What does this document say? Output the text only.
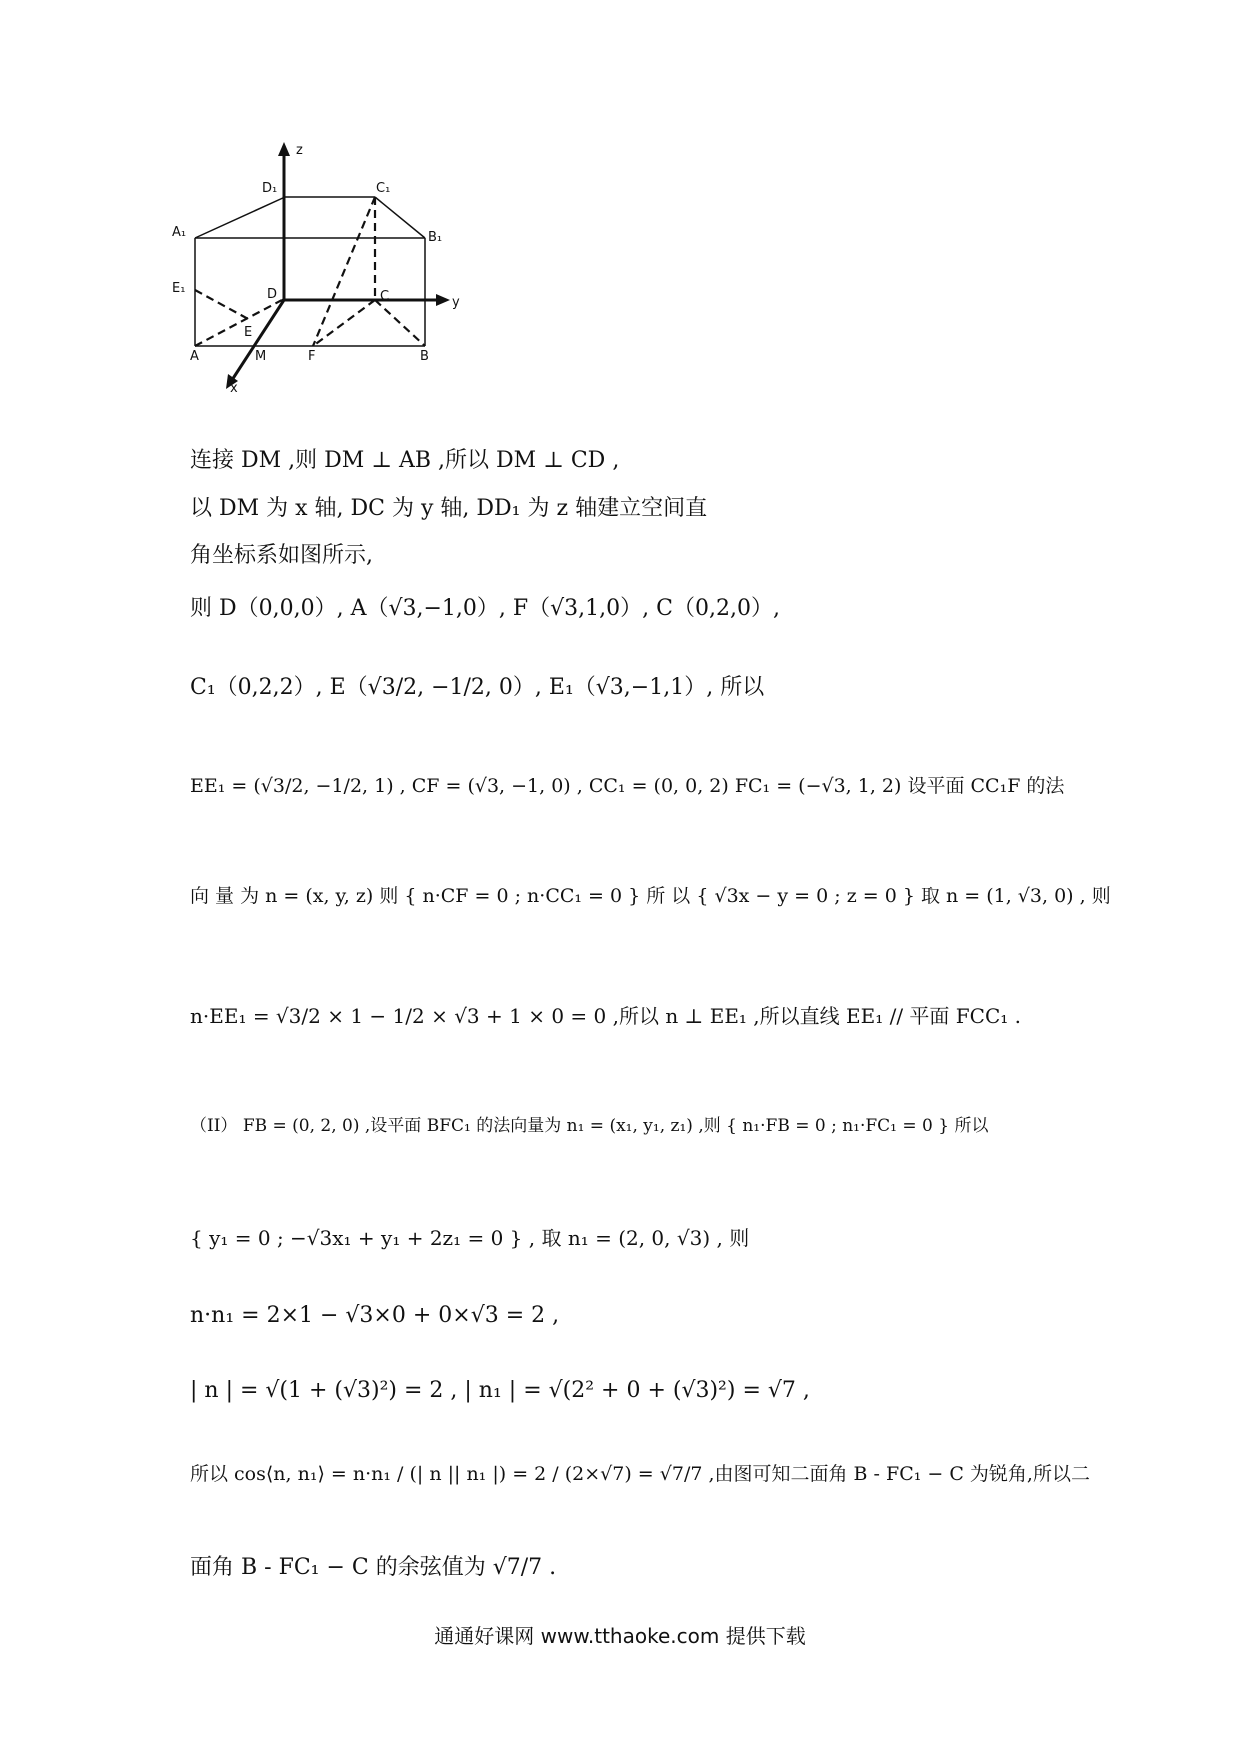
z
y
x
D₁	C₁
A₁	B₁
E₁	D	C
E
A	M	F	B
连接 DM ,则 DM ⊥ AB ,所以 DM ⊥ CD ,
以 DM 为 x 轴, DC 为 y 轴, DD₁ 为 z 轴建立空间直
角坐标系如图所示,
则 D（0,0,0）, A（√3,−1,0）, F（√3,1,0）, C（0,2,0）,
C₁（0,2,2）, E（√3/2, −1/2, 0）, E₁（√3,−1,1）, 所以
EE₁ = (√3/2, −1/2, 1) , CF = (√3, −1, 0) , CC₁ = (0, 0, 2) FC₁ = (−√3, 1, 2) 设平面 CC₁F 的法
向 量 为 n = (x, y, z) 则 { n·CF = 0 ; n·CC₁ = 0 } 所 以 { √3x − y = 0 ; z = 0 } 取 n = (1, √3, 0) , 则
n·EE₁ = √3/2 × 1 − 1/2 × √3 + 1 × 0 = 0 ,所以 n ⊥ EE₁ ,所以直线 EE₁ // 平面 FCC₁ .
（II） FB = (0, 2, 0) ,设平面 BFC₁ 的法向量为 n₁ = (x₁, y₁, z₁) ,则 { n₁·FB = 0 ; n₁·FC₁ = 0 } 所以
{ y₁ = 0 ; −√3x₁ + y₁ + 2z₁ = 0 } , 取 n₁ = (2, 0, √3) , 则
n·n₁ = 2×1 − √3×0 + 0×√3 = 2 ,
| n | = √(1 + (√3)²) = 2 , | n₁ | = √(2² + 0 + (√3)²) = √7 ,
所以 cos⟨n, n₁⟩ = n·n₁ / (| n || n₁ |) = 2 / (2×√7) = √7/7 ,由图可知二面角 B - FC₁ − C 为锐角,所以二
面角 B - FC₁ − C 的余弦值为 √7/7 .
通通好课网 www.tthaoke.com 提供下载
